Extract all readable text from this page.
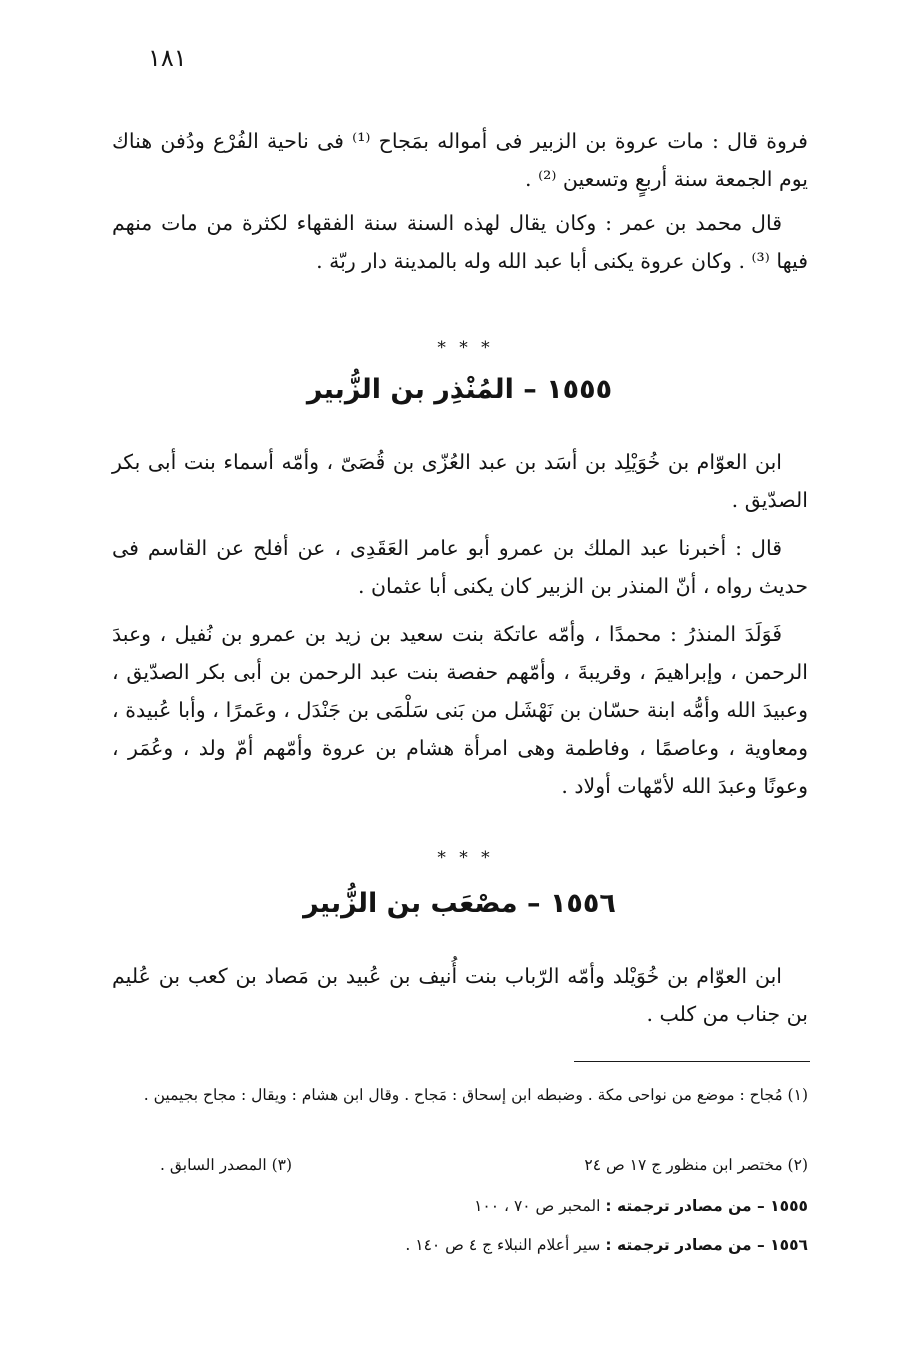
١٨١

فروة قال : مات عروة بن الزبير فى أمواله بمَجاح ⁽¹⁾ فى ناحية الفُرْع ودُفن هناك يوم الجمعة سنة أربعٍ وتسعين ⁽²⁾ .

قال محمد بن عمر : وكان يقال لهذه السنة سنة الفقهاء لكثرة من مات منهم فيها ⁽³⁾ . وكان عروة يكنى أبا عبد الله وله بالمدينة دار ربّة .

* * *
١٥٥٥ – المُنْذِر بن الزُّبير

ابن العوّام بن خُوَيْلِد بن أسَد بن عبد العُزّى بن قُصَىّ ، وأمّه أسماء بنت أبى بكر الصدّيق .

قال : أخبرنا عبد الملك بن عمرو أبو عامر العَقَدِى ، عن أفلح عن القاسم فى حديث رواه ، أنّ المنذر بن الزبير كان يكنى أبا عثمان .

فَوَلَدَ المنذرُ : محمدًا ، وأمّه عاتكة بنت سعيد بن زيد بن عمرو بن نُفيل ، وعبدَ الرحمن ، وإبراهيمَ ، وقريبةَ ، وأمّهم حفصة بنت عبد الرحمن بن أبى بكر الصدّيق ، وعبيدَ الله وأمُّه ابنة حسّان بن نَهْشَل من بَنى سَلْمَى بن جَنْدَل ، وعَمرًا ، وأبا عُبيدة ، ومعاوية ، وعاصمًا ، وفاطمة وهى امرأة هشام بن عروة وأمّهم أمّ ولد ، وعُمَر ، وعونًا وعبدَ الله لأمّهات أولاد .

* * *
١٥٥٦ – مصْعَب بن الزُّبير

ابن العوّام بن خُوَيْلد وأمّه الرّباب بنت أُنيف بن عُبيد بن مَصاد بن كعب بن عُليم بن جناب من كلب .

(١) مُجاح : موضع من نواحى مكة . وضبطه ابن إسحاق : مَجاح . وقال ابن هشام : ويقال : مجاح بجيمين .

(٢) مختصر ابن منظور ج ١٧ ص ٢٤
(٣) المصدر السابق .
١٥٥٥ – من مصادر ترجمته : المحبر ص ٧٠ ، ١٠٠
١٥٥٦ – من مصادر ترجمته : سير أعلام النبلاء ج ٤ ص ١٤٠ .
